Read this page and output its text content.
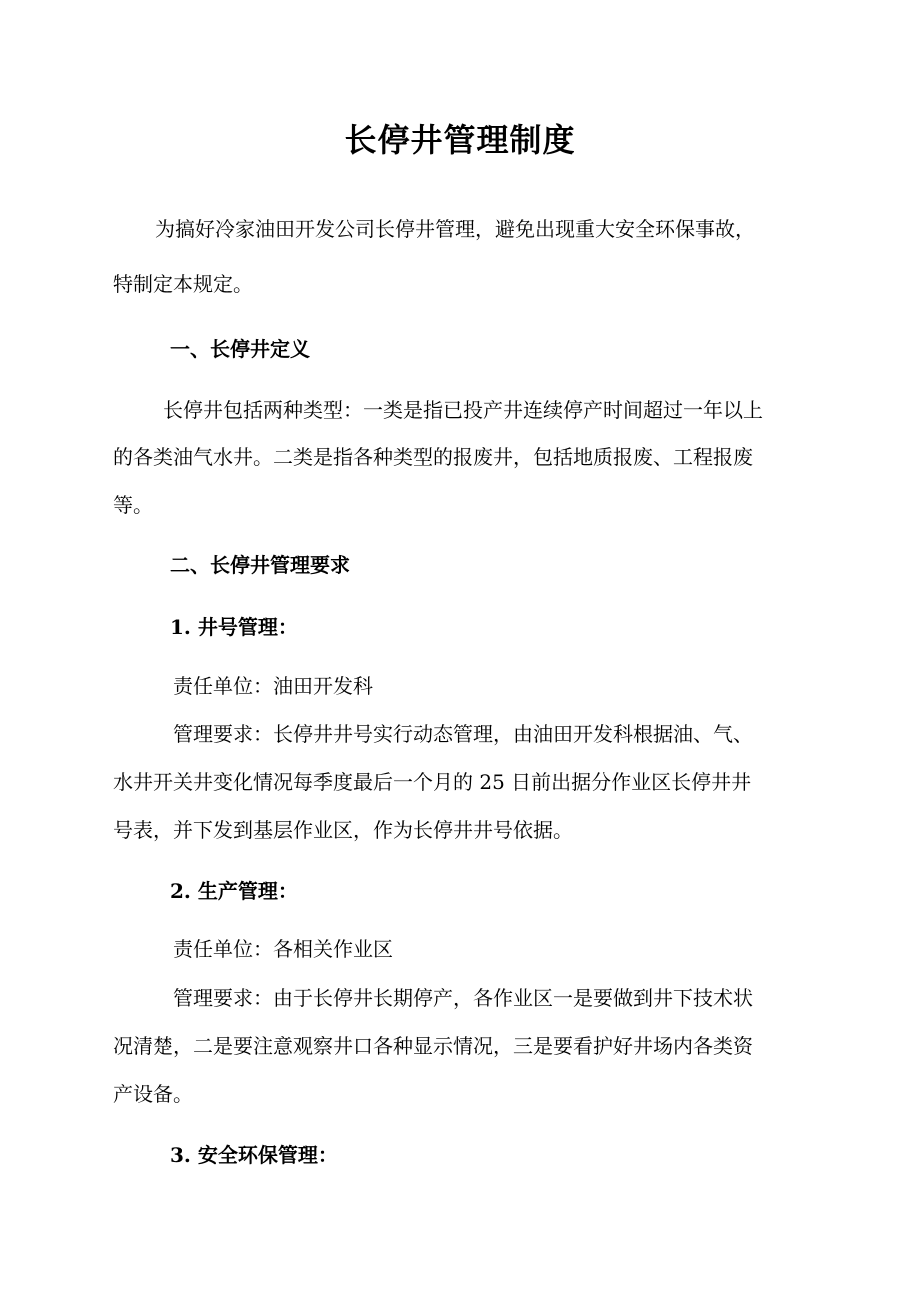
长停井管理制度
为搞好冷家油田开发公司长停井管理，避免出现重大安全环保事故，
特制定本规定。
一、长停井定义
长停井包括两种类型：一类是指已投产井连续停产时间超过一年以上
的各类油气水井。二类是指各种类型的报废井，包括地质报废、工程报废
等。
二、长停井管理要求
1. 井号管理：
责任单位：油田开发科
管理要求：长停井井号实行动态管理，由油田开发科根据油、气、
水井开关井变化情况每季度最后一个月的 25 日前出据分作业区长停井井
号表，并下发到基层作业区，作为长停井井号依据。
2. 生产管理：
责任单位：各相关作业区
管理要求：由于长停井长期停产，各作业区一是要做到井下技术状
况清楚，二是要注意观察井口各种显示情况，三是要看护好井场内各类资
产设备。
3. 安全环保管理：
